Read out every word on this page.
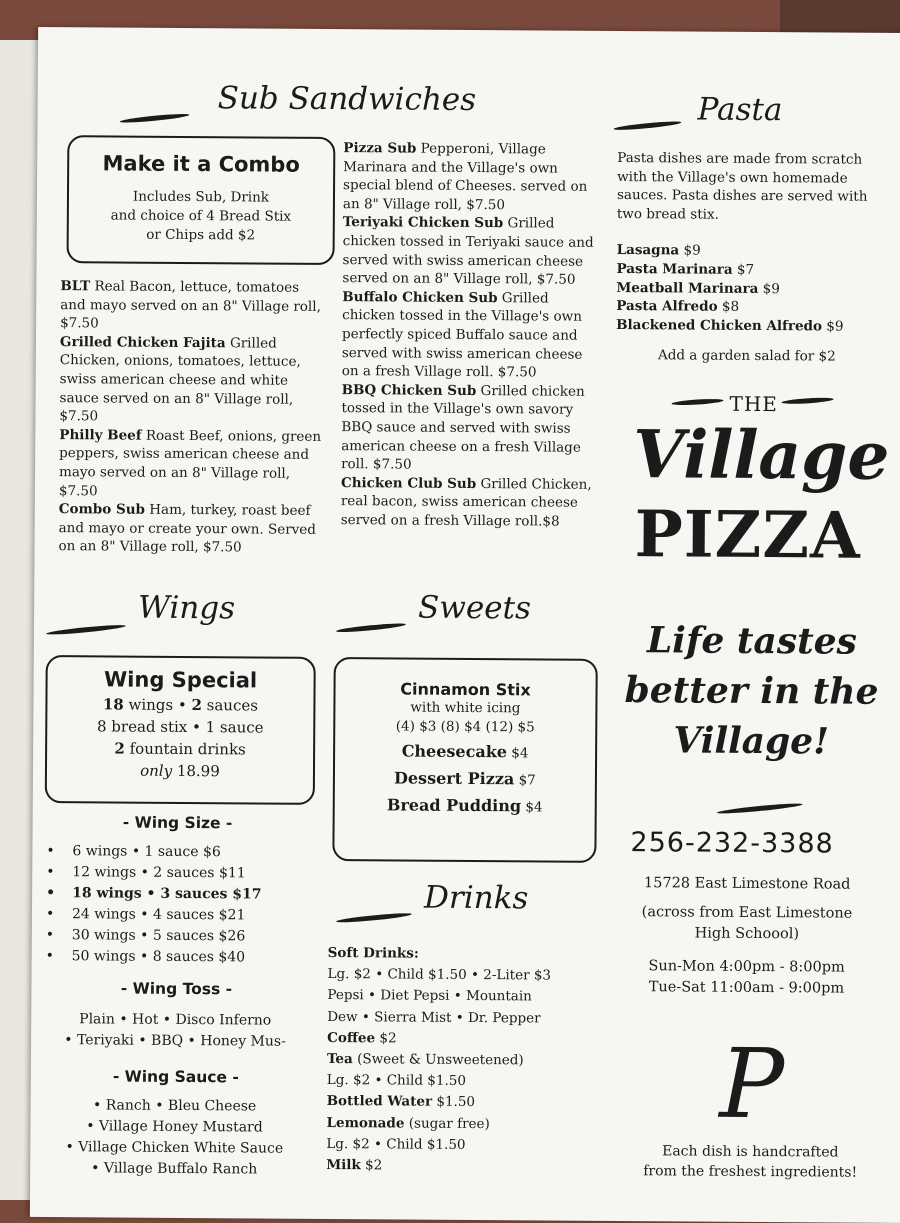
Sub Sandwiches
Make it a Combo
Includes Sub, Drink
and choice of 4 Bread Stix
or Chips add $2
BLT Real Bacon, lettuce, tomatoes and mayo served on an 8" Village roll, $7.50
Grilled Chicken Fajita Grilled Chicken, onions, tomatoes, lettuce, swiss american cheese and white sauce served on an 8" Village roll, $7.50
Philly Beef Roast Beef, onions, green peppers, swiss american cheese and mayo served on an 8" Village roll, $7.50
Combo Sub Ham, turkey, roast beef and mayo or create your own. Served on an 8" Village roll, $7.50
Pizza Sub Pepperoni, Village Marinara and the Village's own special blend of Cheeses. served on an 8" Village roll, $7.50
Teriyaki Chicken Sub Grilled chicken tossed in Teriyaki sauce and served with swiss american cheese served on an 8" Village roll, $7.50
Buffalo Chicken Sub Grilled chicken tossed in the Village's own perfectly spiced Buffalo sauce and served with swiss american cheese on a fresh Village roll. $7.50
BBQ Chicken Sub Grilled chicken tossed in the Village's own savory BBQ sauce and served with swiss american cheese on a fresh Village roll. $7.50
Chicken Club Sub Grilled Chicken, real bacon, swiss american cheese served on a fresh Village roll.$8
Pasta
Pasta dishes are made from scratch with the Village's own homemade sauces. Pasta dishes are served with two bread stix.
Lasagna $9
Pasta Marinara $7
Meatball Marinara $9
Pasta Alfredo $8
Blackened Chicken Alfredo $9
Add a garden salad for $2
THE
Village
PIZZA
Life tastes
better in the
Village!
256-232-3388
15728 East Limestone Road
(across from East Limestone
High Schoool)
Sun-Mon 4:00pm - 8:00pm
Tue-Sat 11:00am - 9:00pm
P
Each dish is handcrafted
from the freshest ingredients!
Wings
Wing Special
18 wings • 2 sauces
8 bread stix • 1 sauce
2 fountain drinks
only 18.99
- Wing Size -
• 6 wings • 1 sauce $6
• 12 wings • 2 sauces $11
• 18 wings • 3 sauces $17
• 24 wings • 4 sauces $21
• 30 wings • 5 sauces $26
• 50 wings • 8 sauces $40
- Wing Toss -
Plain • Hot • Disco Inferno
• Teriyaki • BBQ • Honey Mus-
- Wing Sauce -
• Ranch • Bleu Cheese
• Village Honey Mustard
• Village Chicken White Sauce
• Village Buffalo Ranch
Sweets
Cinnamon Stix
with white icing
(4) $3 (8) $4 (12) $5
Cheesecake $4
Dessert Pizza $7
Bread Pudding $4
Drinks
Soft Drinks:
Lg. $2 • Child $1.50 • 2-Liter $3
Pepsi • Diet Pepsi • Mountain
Dew • Sierra Mist • Dr. Pepper
Coffee $2
Tea (Sweet & Unsweetened)
Lg. $2 • Child $1.50
Bottled Water $1.50
Lemonade (sugar free)
Lg. $2 • Child $1.50
Milk $2
